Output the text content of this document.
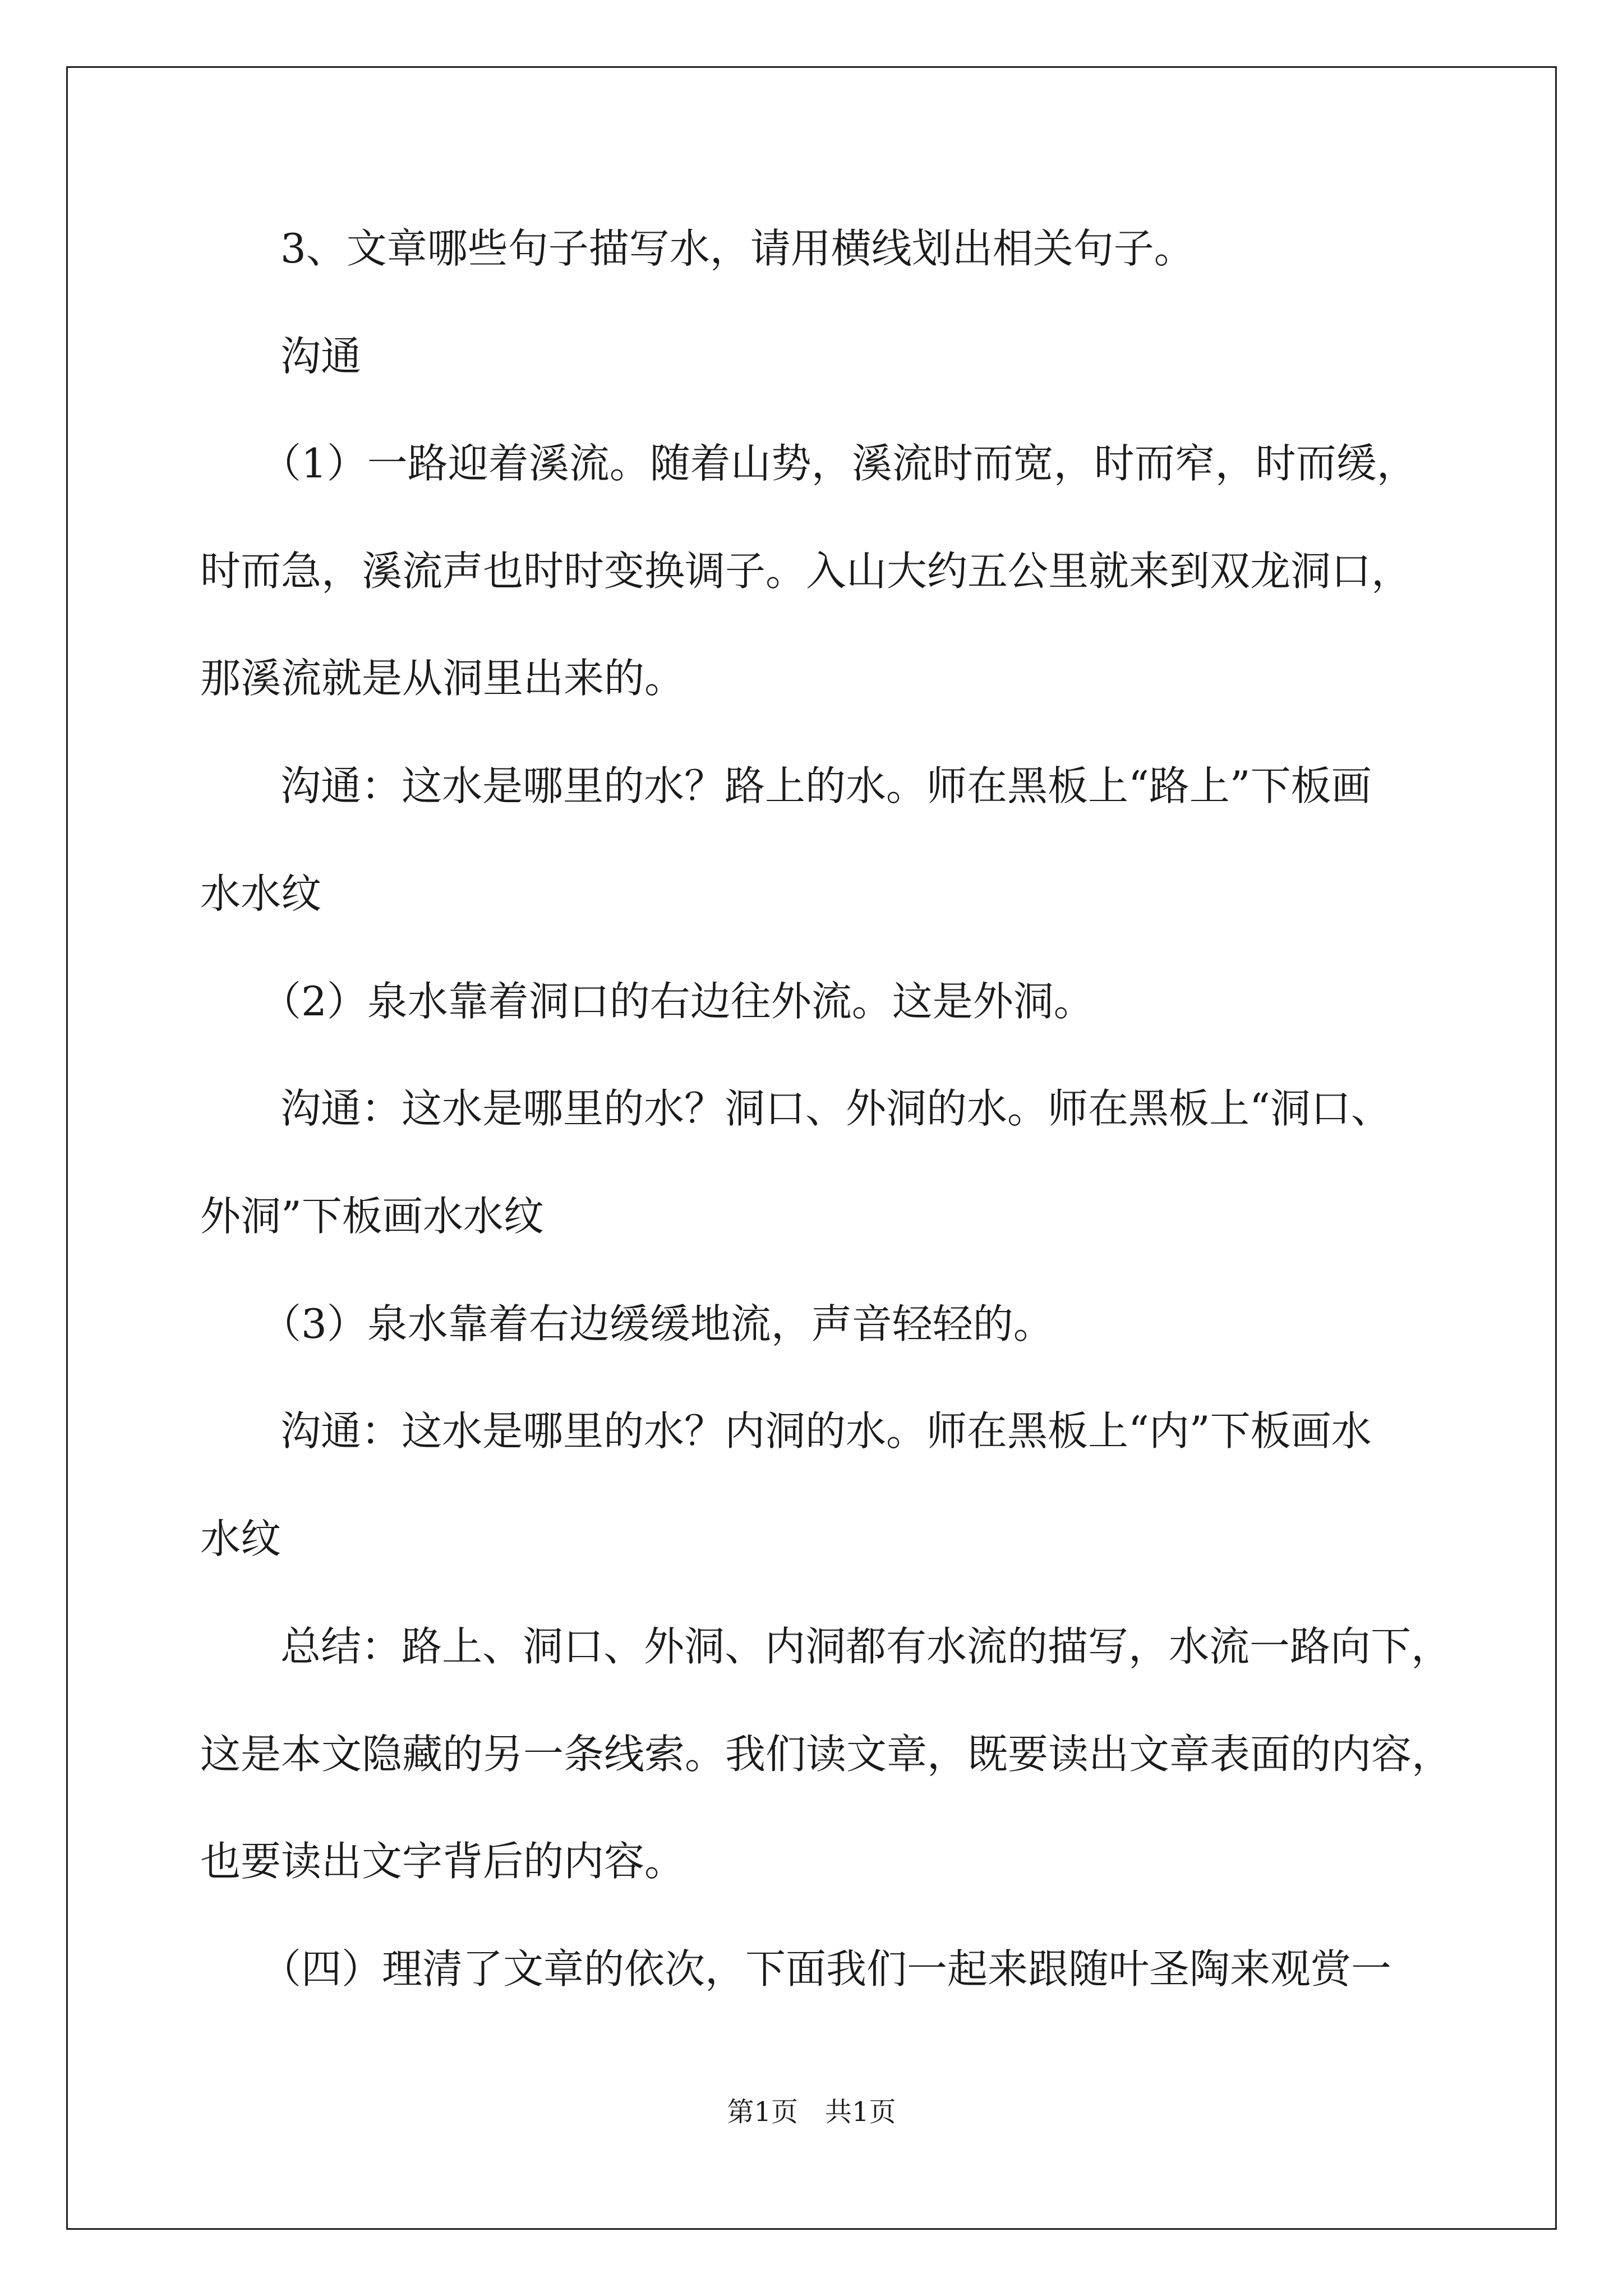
3、文章哪些句子描写水，请用横线划出相关句子。

沟通

（1）一路迎着溪流。随着山势，溪流时而宽，时而窄，时而缓，

时而急，溪流声也时时变换调子。入山大约五公里就来到双龙洞口，

那溪流就是从洞里出来的。

沟通：这水是哪里的水？路上的水。师在黑板上“路上”下板画

水水纹

（2）泉水靠着洞口的右边往外流。这是外洞。

沟通：这水是哪里的水？洞口、外洞的水。师在黑板上“洞口、

外洞”下板画水水纹

（3）泉水靠着右边缓缓地流，声音轻轻的。

沟通：这水是哪里的水？内洞的水。师在黑板上“内”下板画水

水纹

总结：路上、洞口、外洞、内洞都有水流的描写，水流一路向下，

这是本文隐藏的另一条线索。我们读文章，既要读出文章表面的内容，

也要读出文字背后的内容。

（四）理清了文章的依次，下面我们一起来跟随叶圣陶来观赏一

第1页　共1页
